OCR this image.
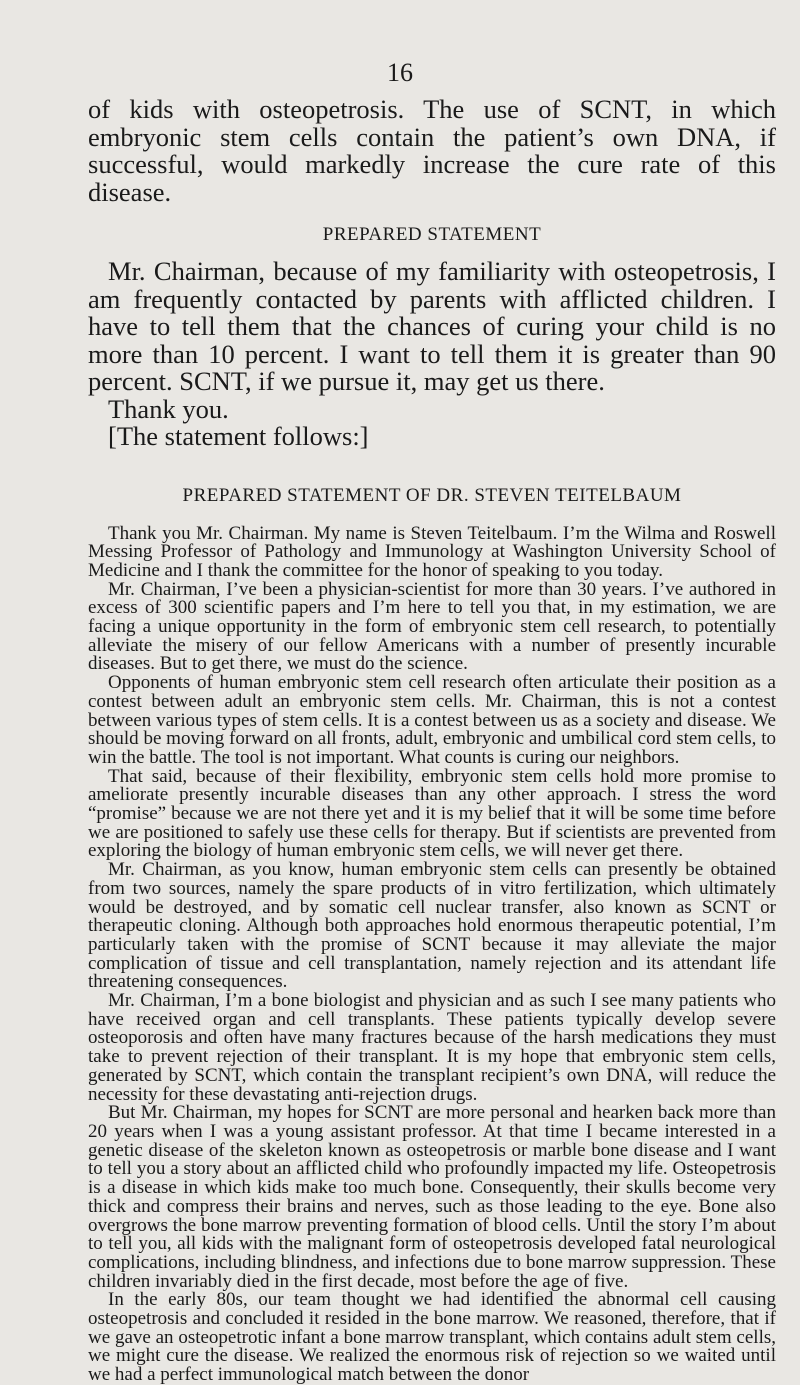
16

of kids with osteopetrosis. The use of SCNT, in which embryonic stem cells contain the patient’s own DNA, if successful, would markedly increase the cure rate of this disease.

PREPARED STATEMENT

Mr. Chairman, because of my familiarity with osteopetrosis, I am frequently contacted by parents with afflicted children. I have to tell them that the chances of curing your child is no more than 10 percent. I want to tell them it is greater than 90 percent. SCNT, if we pursue it, may get us there.

Thank you.

[The statement follows:]

PREPARED STATEMENT OF DR. STEVEN TEITELBAUM

Thank you Mr. Chairman. My name is Steven Teitelbaum. I’m the Wilma and Roswell Messing Professor of Pathology and Immunology at Washington University School of Medicine and I thank the committee for the honor of speaking to you today.

Mr. Chairman, I’ve been a physician-scientist for more than 30 years. I’ve authored in excess of 300 scientific papers and I’m here to tell you that, in my estimation, we are facing a unique opportunity in the form of embryonic stem cell research, to potentially alleviate the misery of our fellow Americans with a number of presently incurable diseases. But to get there, we must do the science.

Opponents of human embryonic stem cell research often articulate their position as a contest between adult an embryonic stem cells. Mr. Chairman, this is not a contest between various types of stem cells. It is a contest between us as a society and disease. We should be moving forward on all fronts, adult, embryonic and umbilical cord stem cells, to win the battle. The tool is not important. What counts is curing our neighbors.

That said, because of their flexibility, embryonic stem cells hold more promise to ameliorate presently incurable diseases than any other approach. I stress the word “promise” because we are not there yet and it is my belief that it will be some time before we are positioned to safely use these cells for therapy. But if scientists are prevented from exploring the biology of human embryonic stem cells, we will never get there.

Mr. Chairman, as you know, human embryonic stem cells can presently be obtained from two sources, namely the spare products of in vitro fertilization, which ultimately would be destroyed, and by somatic cell nuclear transfer, also known as SCNT or therapeutic cloning. Although both approaches hold enormous therapeutic potential, I’m particularly taken with the promise of SCNT because it may alleviate the major complication of tissue and cell transplantation, namely rejection and its attendant life threatening consequences.

Mr. Chairman, I’m a bone biologist and physician and as such I see many patients who have received organ and cell transplants. These patients typically develop severe osteoporosis and often have many fractures because of the harsh medications they must take to prevent rejection of their transplant. It is my hope that embryonic stem cells, generated by SCNT, which contain the transplant recipient’s own DNA, will reduce the necessity for these devastating anti-rejection drugs.

But Mr. Chairman, my hopes for SCNT are more personal and hearken back more than 20 years when I was a young assistant professor. At that time I became interested in a genetic disease of the skeleton known as osteopetrosis or marble bone disease and I want to tell you a story about an afflicted child who profoundly impacted my life. Osteopetrosis is a disease in which kids make too much bone. Consequently, their skulls become very thick and compress their brains and nerves, such as those leading to the eye. Bone also overgrows the bone marrow preventing formation of blood cells. Until the story I’m about to tell you, all kids with the malignant form of osteopetrosis developed fatal neurological complications, including blindness, and infections due to bone marrow suppression. These children invariably died in the first decade, most before the age of five.

In the early 80s, our team thought we had identified the abnormal cell causing osteopetrosis and concluded it resided in the bone marrow. We reasoned, therefore, that if we gave an osteopetrotic infant a bone marrow transplant, which contains adult stem cells, we might cure the disease. We realized the enormous risk of rejection so we waited until we had a perfect immunological match between the donor
